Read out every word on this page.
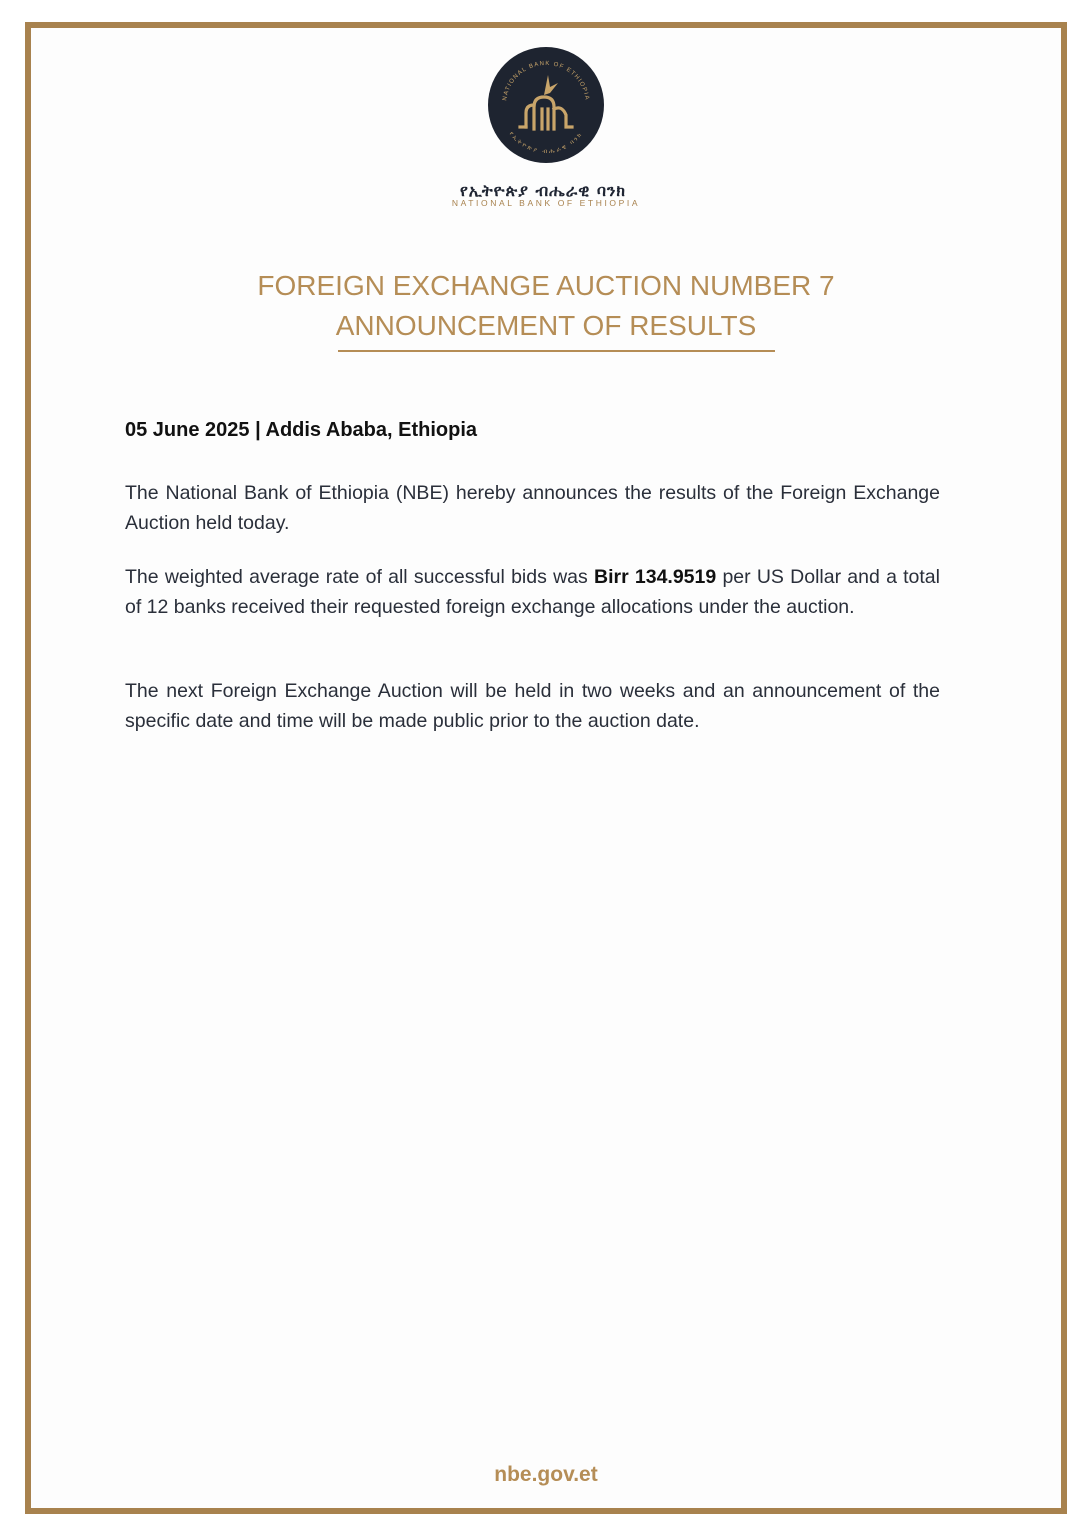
NATIONAL BANK OF ETHIOPIA
የኢትዮጵያ ብሔራዊ ባንክ
የኢትዮጵያ ብሔራዊ ባንክ
NATIONAL BANK OF ETHIOPIA
FOREIGN EXCHANGE AUCTION NUMBER 7
ANNOUNCEMENT OF RESULTS
05 June 2025 | Addis Ababa, Ethiopia
The National Bank of Ethiopia (NBE) hereby announces the results of the Foreign Exchange Auction held today.
The weighted average rate of all successful bids was Birr 134.9519 per US Dollar and a total of 12 banks received their requested foreign exchange allocations under the auction.
The next Foreign Exchange Auction will be held in two weeks and an announcement of the specific date and time will be made public prior to the auction date.
nbe.gov.et
